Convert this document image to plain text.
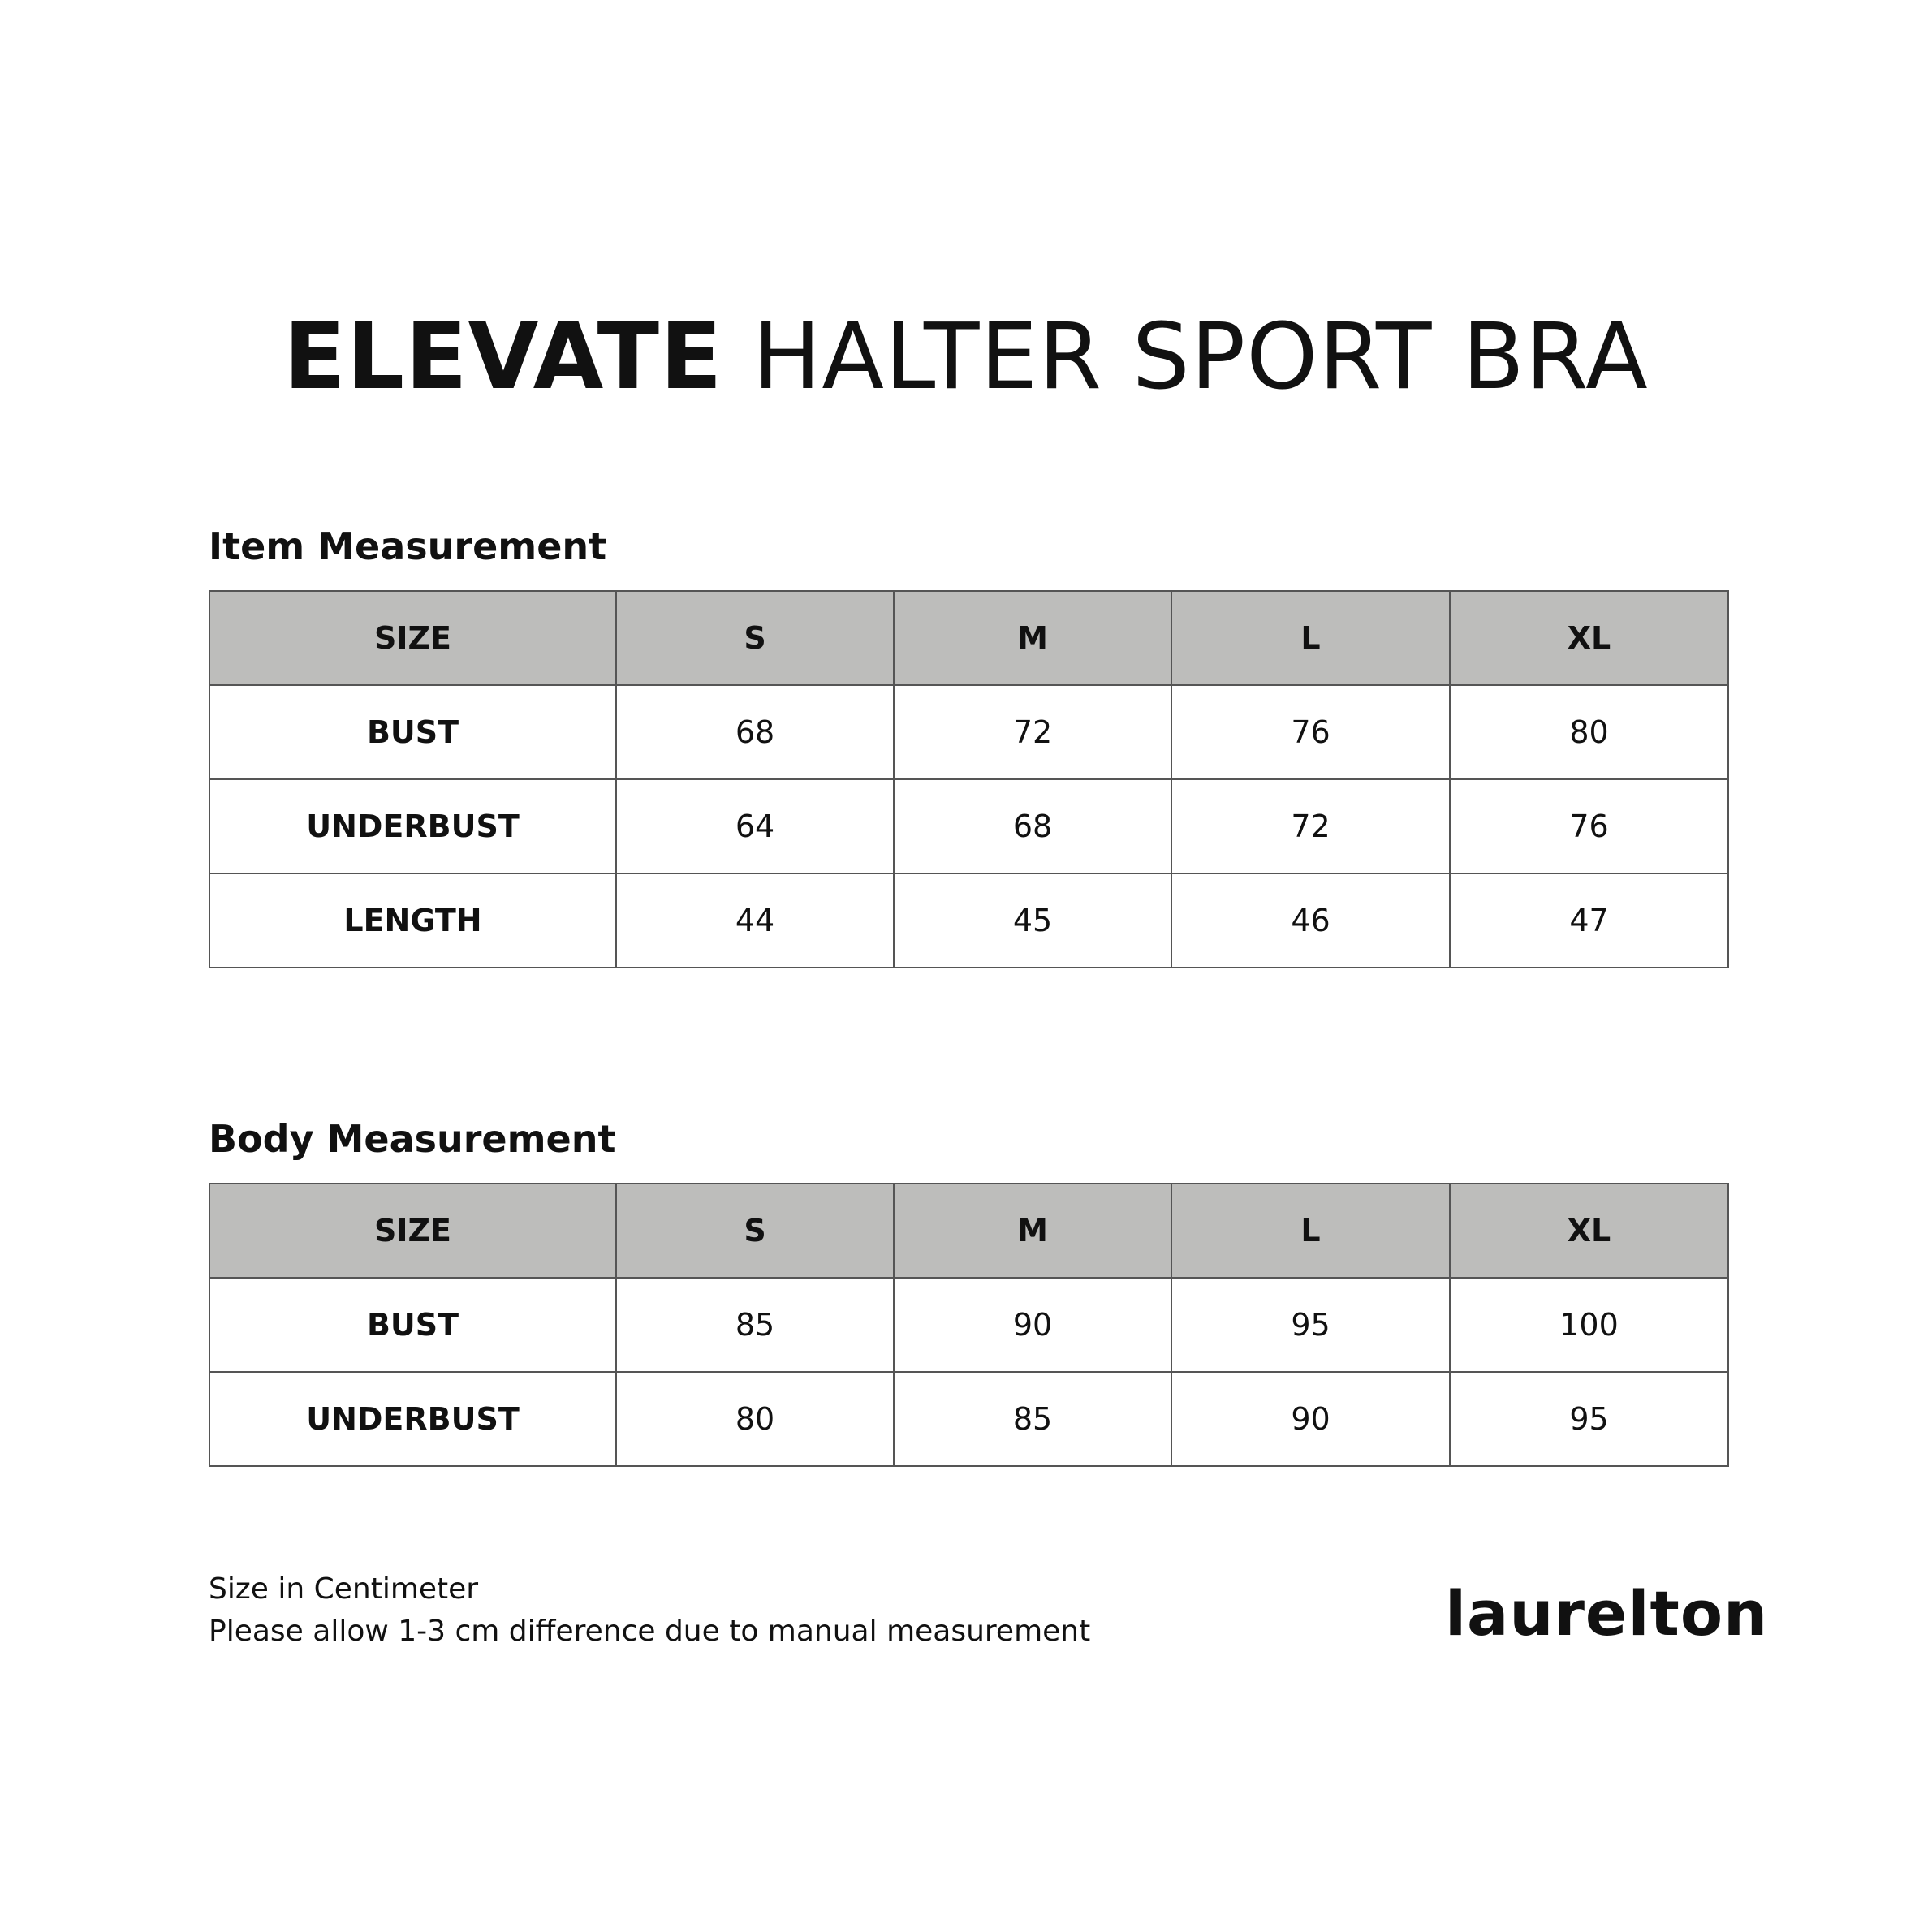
ELEVATE HALTER SPORT BRA
Item Measurement
SIZE	S	M	L	XL
BUST	68	72	76	80
UNDERBUST	64	68	72	76
LENGTH	44	45	46	47
Body Measurement
SIZE	S	M	L	XL
BUST	85	90	95	100
UNDERBUST	80	85	90	95
Size in Centimeter
Please allow 1-3 cm difference due to manual measurement	laurelton
